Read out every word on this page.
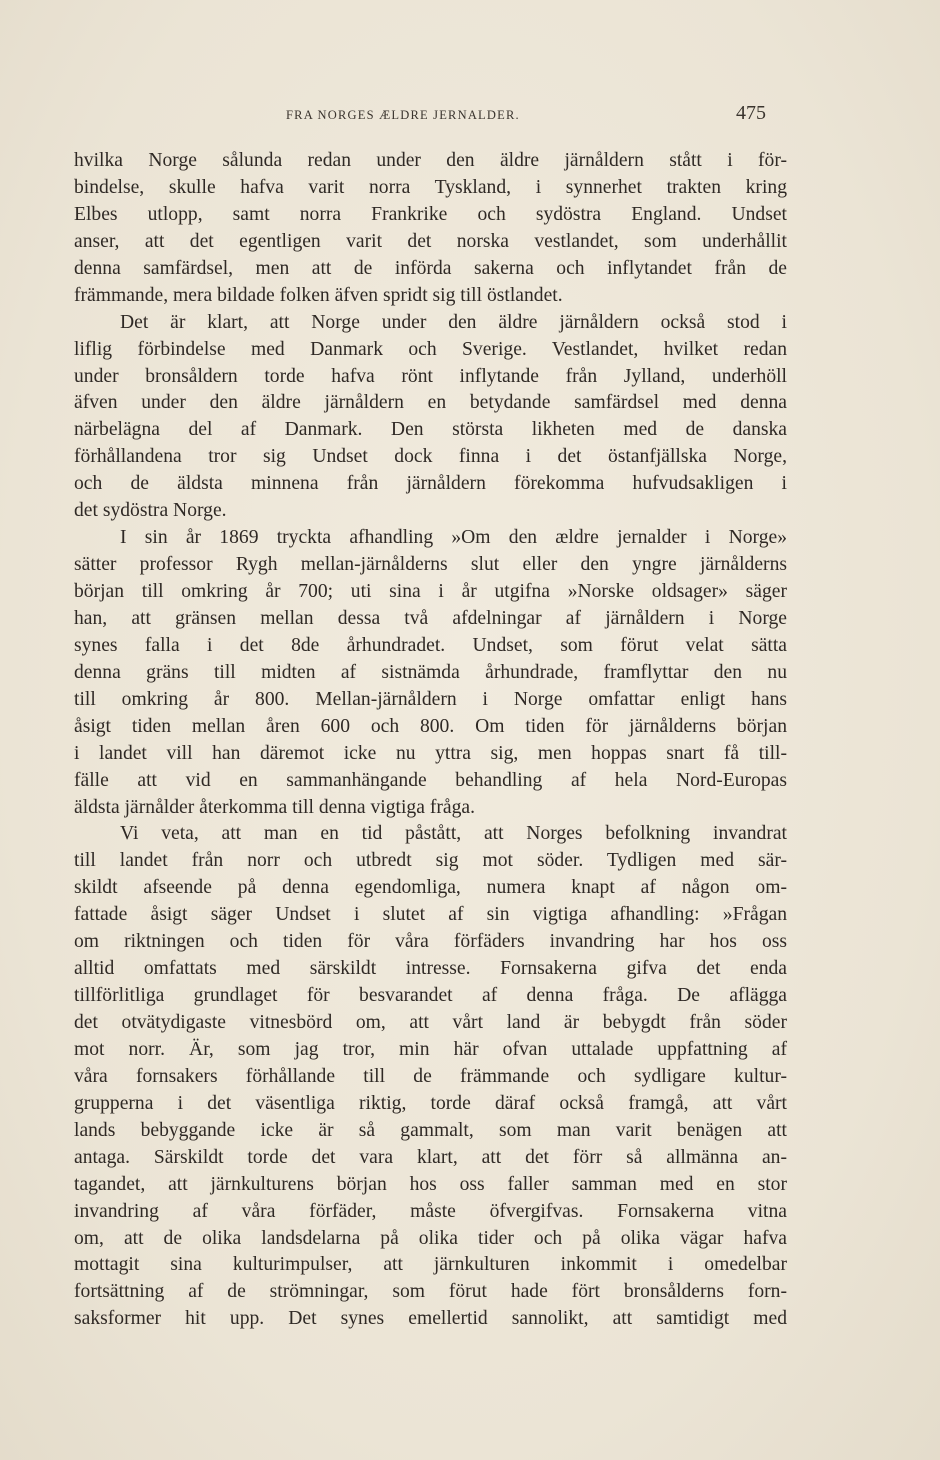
FRA NORGES ÆLDRE JERNALDER.	475
hvilka Norge sålunda redan under den äldre järnåldern stått i för-
bindelse, skulle hafva varit norra Tyskland, i synnerhet trakten kring
Elbes utlopp, samt norra Frankrike och sydöstra England. Undset
anser, att det egentligen varit det norska vestlandet, som underhållit
denna samfärdsel, men att de införda sakerna och inflytandet från de
främmande, mera bildade folken äfven spridt sig till östlandet.
Det är klart, att Norge under den äldre järnåldern också stod i
liflig förbindelse med Danmark och Sverige. Vestlandet, hvilket redan
under bronsåldern torde hafva rönt inflytande från Jylland, underhöll
äfven under den äldre järnåldern en betydande samfärdsel med denna
närbelägna del af Danmark. Den största likheten med de danska
förhållandena tror sig Undset dock finna i det östanfjällska Norge,
och de äldsta minnena från järnåldern förekomma hufvudsakligen i
det sydöstra Norge.
I sin år 1869 tryckta afhandling »Om den ældre jernalder i Norge»
sätter professor Rygh mellan-järnålderns slut eller den yngre järnålderns
början till omkring år 700; uti sina i år utgifna »Norske oldsager» säger
han, att gränsen mellan dessa två afdelningar af järnåldern i Norge
synes falla i det 8de århundradet. Undset, som förut velat sätta
denna gräns till midten af sistnämda århundrade, framflyttar den nu
till omkring år 800. Mellan-järnåldern i Norge omfattar enligt hans
åsigt tiden mellan åren 600 och 800. Om tiden för järnålderns början
i landet vill han däremot icke nu yttra sig, men hoppas snart få till-
fälle att vid en sammanhängande behandling af hela Nord-Europas
äldsta järnålder återkomma till denna vigtiga fråga.
Vi veta, att man en tid påstått, att Norges befolkning invandrat
till landet från norr och utbredt sig mot söder. Tydligen med sär-
skildt afseende på denna egendomliga, numera knapt af någon om-
fattade åsigt säger Undset i slutet af sin vigtiga afhandling: »Frågan
om riktningen och tiden för våra förfäders invandring har hos oss
alltid omfattats med särskildt intresse. Fornsakerna gifva det enda
tillförlitliga grundlaget för besvarandet af denna fråga. De aflägga
det otvätydigaste vitnesbörd om, att vårt land är bebygdt från söder
mot norr. Är, som jag tror, min här ofvan uttalade uppfattning af
våra fornsakers förhållande till de främmande och sydligare kultur-
grupperna i det väsentliga riktig, torde däraf också framgå, att vårt
lands bebyggande icke är så gammalt, som man varit benägen att
antaga. Särskildt torde det vara klart, att det förr så allmänna an-
tagandet, att järnkulturens början hos oss faller samman med en stor
invandring af våra förfäder, måste öfvergifvas. Fornsakerna vitna
om, att de olika landsdelarna på olika tider och på olika vägar hafva
mottagit sina kulturimpulser, att järnkulturen inkommit i omedelbar
fortsättning af de strömningar, som förut hade fört bronsålderns forn-
saksformer hit upp. Det synes emellertid sannolikt, att samtidigt med
